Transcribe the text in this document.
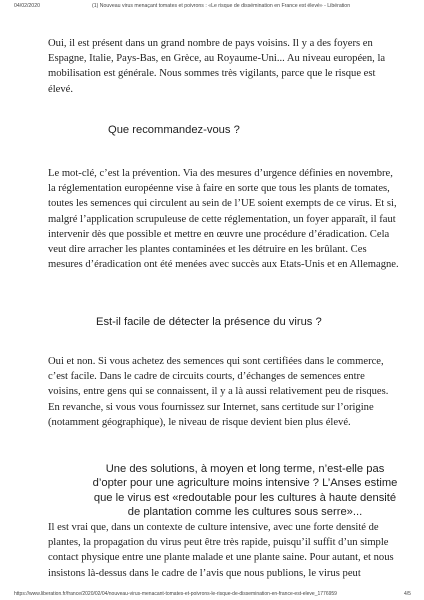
04/02/2020	(1) Nouveau virus menaçant tomates et poivrons : «Le risque de dissémination en France est élevé» - Libération

Oui, il est présent dans un grand nombre de pays voisins. Il y a des foyers en Espagne, Italie, Pays-Bas, en Grèce, au Royaume-Uni... Au niveau européen, la mobilisation est générale. Nous sommes très vigilants, parce que le risque est élevé.

Que recommandez-vous ?

Le mot-clé, c’est la prévention. Via des mesures d’urgence définies en novembre, la réglementation européenne vise à faire en sorte que tous les plants de tomates, toutes les semences qui circulent au sein de l’UE soient exempts de ce virus. Et si, malgré l’application scrupuleuse de cette réglementation, un foyer apparaît, il faut intervenir dès que possible et mettre en œuvre une procédure d’éradication. Cela veut dire arracher les plantes contaminées et les détruire en les brûlant. Ces mesures d’éradication ont été menées avec succès aux Etats-Unis et en Allemagne.

Est-il facile de détecter la présence du virus ?

Oui et non. Si vous achetez des semences qui sont certifiées dans le commerce, c’est facile. Dans le cadre de circuits courts, d’échanges de semences entre voisins, entre gens qui se connaissent, il y a là aussi relativement peu de risques. En revanche, si vous vous fournissez sur Internet, sans certitude sur l’origine (notamment géographique), le niveau de risque devient bien plus élevé.

Une des solutions, à moyen et long terme, n’est-elle pas d’opter pour une agriculture moins intensive ? L’Anses estime que le virus est «redoutable pour les cultures à haute densité de plantation comme les cultures sous serre»...

Il est vrai que, dans un contexte de culture intensive, avec une forte densité de plantes, la propagation du virus peut être très rapide, puisqu’il suffit d’un simple contact physique entre une plante malade et une plante saine. Pour autant, et nous insistons là-dessus dans le cadre de l’avis que nous publions, le virus peut

https://www.liberation.fr/france/2020/02/04/nouveau-virus-menacant-tomates-et-poivrons-le-risque-de-dissemination-en-france-est-eleve_1776959	4/5
